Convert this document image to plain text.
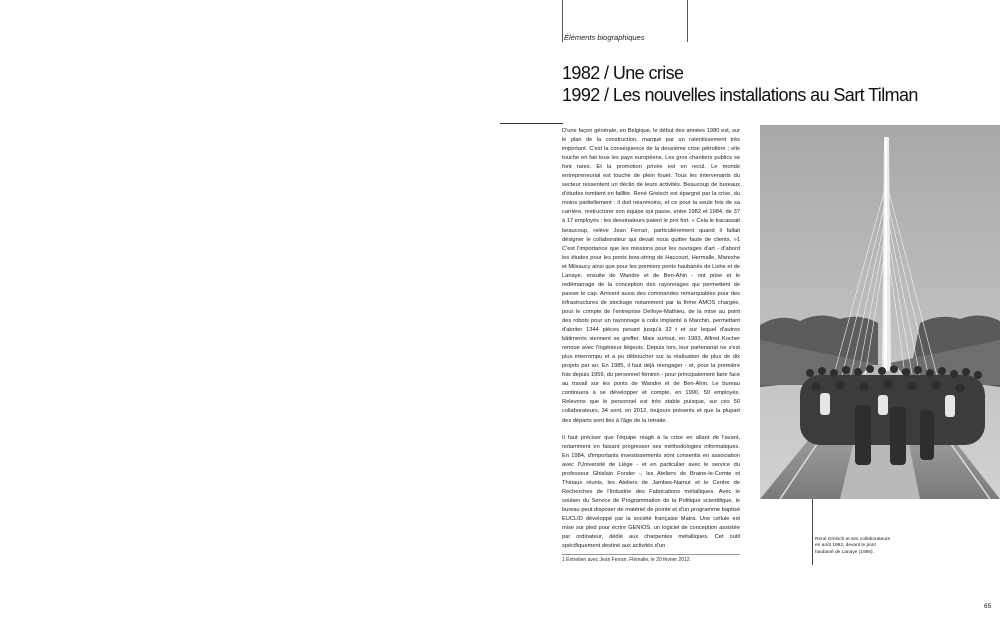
Éléments biographiques
1982 / Une crise
1992 / Les nouvelles installations au Sart Tilman

D'une façon générale, en Belgique, le début des années 1980 est, sur le plan de la construction, marqué par un ralentissement très important. C'est la conséquence de la deuxième crise pétrolière ; elle touche en fait tous les pays européens. Les gros chantiers publics se font rares. Et la promotion privée est en recul. Le monde entrepreneurial est touché de plein fouet. Tous les intervenants du secteur ressentent un déclin de leurs activités. Beaucoup de bureaux d'études tombent en faillite. René Greisch est épargné par la crise, du moins partiellement : il doit néanmoins, et ce pour la seule fois de sa carrière, restructurer son équipe qui passe, entre 1982 et 1984, de 37 à 17 employés : les dessinateurs paient le prix fort. « Cela le tracassait beaucoup, relève Jean Ferrari, particulièrement quand il fallait désigner le collaborateur qui devait nous quitter faute de clients. »1 C'est l'importance que les missions pour les ouvrages d'art - d'abord les études pour les ponts bow-string de Haccourt, Hermalle, Marexhe et Milsaucy ainsi que pour les premiers ponts haubanés de Lixhe et de Lanaye, ensuite de Wandre et de Ben-Ahin - ont prise et le redémarrage de la conception des rayonnages qui permettent de passer le cap. Arrivent aussi des commandes remarquables pour des infrastructures de stockage notamment par la firme AMOS chargée, pour le compte de l'entreprise Delloye-Mathieu, de la mise au point des robots pour un rayonnage à coils implanté à Marchin, permettant d'abriter 1344 pièces pesant jusqu'à 32 t et sur lequel d'autres bâtiments viennent se greffer. Mais surtout, en 1983, Alfred Kocher renoue avec l'ingénieur liégeois. Depuis lors, leur partenariat ne s'est plus interrompu et a pu déboucher sur la réalisation de plus de dix projets par an. En 1985, il faut déjà réengager - et, pour la première fois depuis 1959, du personnel féminin - pour principalement faire face au travail sur les ponts de Wandre et de Ben-Ahin. Le bureau continuera à se développer et compte, en 1990, 50 employés. Relevons que le personnel est très stable puisque, sur ces 50 collaborateurs, 34 sont, en 2012, toujours présents et que la plupart des départs sont liés à l'âge de la retraite.

Il faut préciser que l'équipe réagit à la crise en allant de l'avant, notamment en faisant progresser ses méthodologies informatiques. En 1984, d'importants investissements sont consentis en association avec l'Université de Liège - et en particulier avec le service du professeur Ghislain Fonder -, les Ateliers de Braine-le-Comte et Thiriaux réunis, les Ateliers de Jambes-Namur et le Centre de Recherches de l'Industrie des Fabrications métalliques. Avec le soutien du Service de Programmation de la Politique scientifique, le bureau peut disposer de matériel de pointe et d'un programme baptisé EUCLID développé par la société française Matra. Une cellule est mise sur pied pour écrire GENIOS, un logiciel de conception assistée par ordinateur, dédié aux charpentes métalliques. Cet outil spécifiquement destiné aux activités d'un

1 Entretien avec Jean Ferrari, Flémalle, le 20 février 2012.
René Greisch et ses collaborateurs en août 1992, devant le pont haubané de Lanaye (1986).
65
